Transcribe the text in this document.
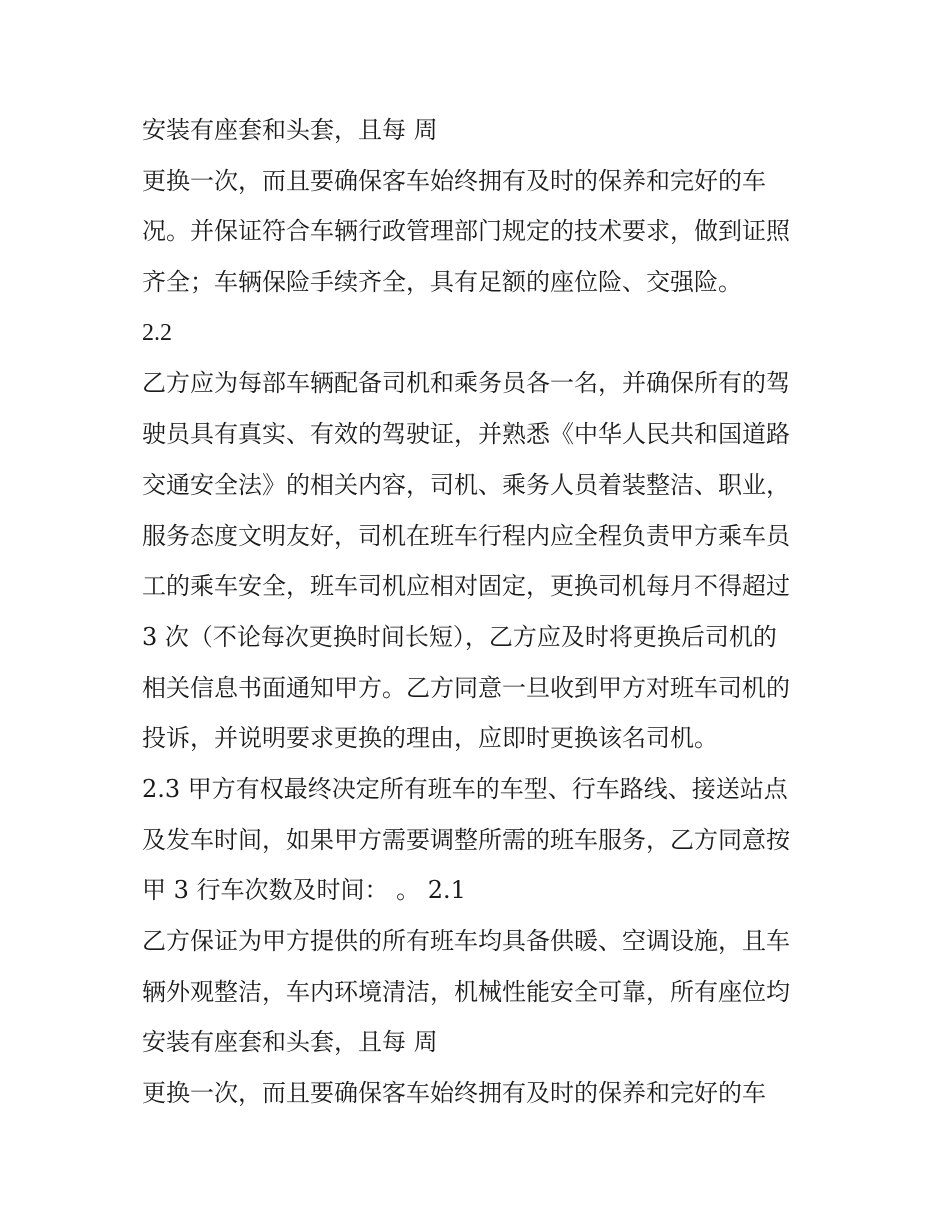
安装有座套和头套，且每 周
更换一次，而且要确保客车始终拥有及时的保养和完好的车
况。并保证符合车辆行政管理部门规定的技术要求，做到证照
齐全；车辆保险手续齐全，具有足额的座位险、交强险。
2.2
乙方应为每部车辆配备司机和乘务员各一名，并确保所有的驾
驶员具有真实、有效的驾驶证，并熟悉《中华人民共和国道路
交通安全法》的相关内容，司机、乘务人员着装整洁、职业，
服务态度文明友好，司机在班车行程内应全程负责甲方乘车员
工的乘车安全，班车司机应相对固定，更换司机每月不得超过
3 次（不论每次更换时间长短），乙方应及时将更换后司机的
相关信息书面通知甲方。乙方同意一旦收到甲方对班车司机的
投诉，并说明要求更换的理由，应即时更换该名司机。
2.3 甲方有权最终决定所有班车的车型、行车路线、接送站点
及发车时间，如果甲方需要调整所需的班车服务，乙方同意按
甲 3 行车次数及时间： 。 2.1
乙方保证为甲方提供的所有班车均具备供暖、空调设施，且车
辆外观整洁，车内环境清洁，机械性能安全可靠，所有座位均
安装有座套和头套，且每 周
更换一次，而且要确保客车始终拥有及时的保养和完好的车
